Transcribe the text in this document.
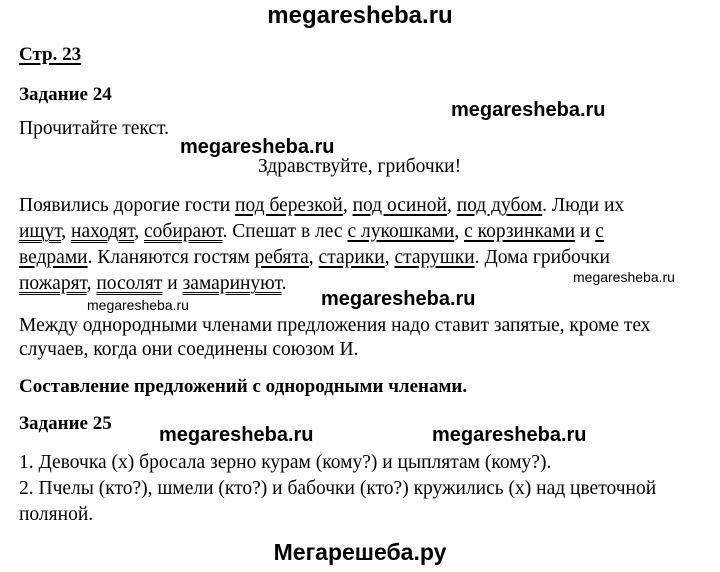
megaresheba.ru
Стр. 23
Задание 24
megaresheba.ru
Прочитайте текст.
megaresheba.ru
Здравствуйте, грибочки!
Появились дорогие гости под березкой, под осиной, под дубом. Люди их
ищут, находят, собирают. Спешат в лес с лукошками, с корзинками и с
ведрами. Кланяются гостям ребята, старики, старушки. Дома грибочки
megaresheba.ru
пожарят, посолят и замаринуют.
megaresheba.ru
megaresheba.ru
Между однородными членами предложения надо ставит запятые, кроме тех
случаев, когда они соединены союзом И.
Составление предложений с однородными членами.
Задание 25
megaresheba.ru	megaresheba.ru
1. Девочка (х) бросала зерно курам (кому?) и цыплятам (кому?).
2. Пчелы (кто?), шмели (кто?) и бабочки (кто?) кружились (х) над цветочной
поляной.
Мегарешеба.ру
